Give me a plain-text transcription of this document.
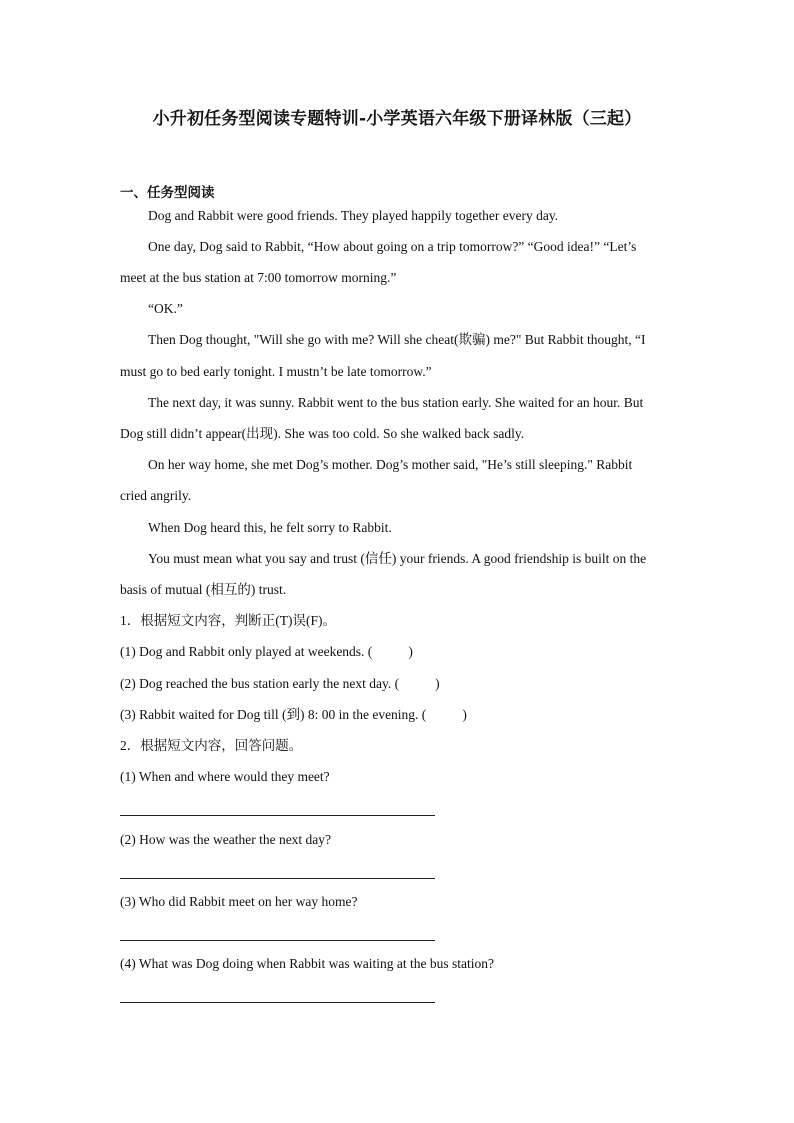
小升初任务型阅读专题特训-小学英语六年级下册译林版（三起）
一、任务型阅读
Dog and Rabbit were good friends. They played happily together every day.
One day, Dog said to Rabbit, “How about going on a trip tomorrow?” “Good idea!” “Let’s
meet at the bus station at 7:00 tomorrow morning.”
“OK.”
Then Dog thought, "Will she go with me? Will she cheat(欺骗) me?" But Rabbit thought, “I
must go to bed early tonight. I mustn’t be late tomorrow.”
The next day, it was sunny. Rabbit went to the bus station early. She waited for an hour. But
Dog still didn’t appear(出现). She was too cold. So she walked back sadly.
On her way home, she met Dog’s mother. Dog’s mother said, "He’s still sleeping." Rabbit
cried angrily.
When Dog heard this, he felt sorry to Rabbit.
You must mean what you say and trust (信任) your friends. A good friendship is built on the
basis of mutual (相互的) trust.
1．根据短文内容，判断正(T)误(F)。
(1) Dog and Rabbit only played at weekends. (	)
(2) Dog reached the bus station early the next day. (	)
(3) Rabbit waited for Dog till (到) 8: 00 in the evening. (	)
2．根据短文内容，回答问题。
(1) When and where would they meet?
(2) How was the weather the next day?
(3) Who did Rabbit meet on her way home?
(4) What was Dog doing when Rabbit was waiting at the bus station?
